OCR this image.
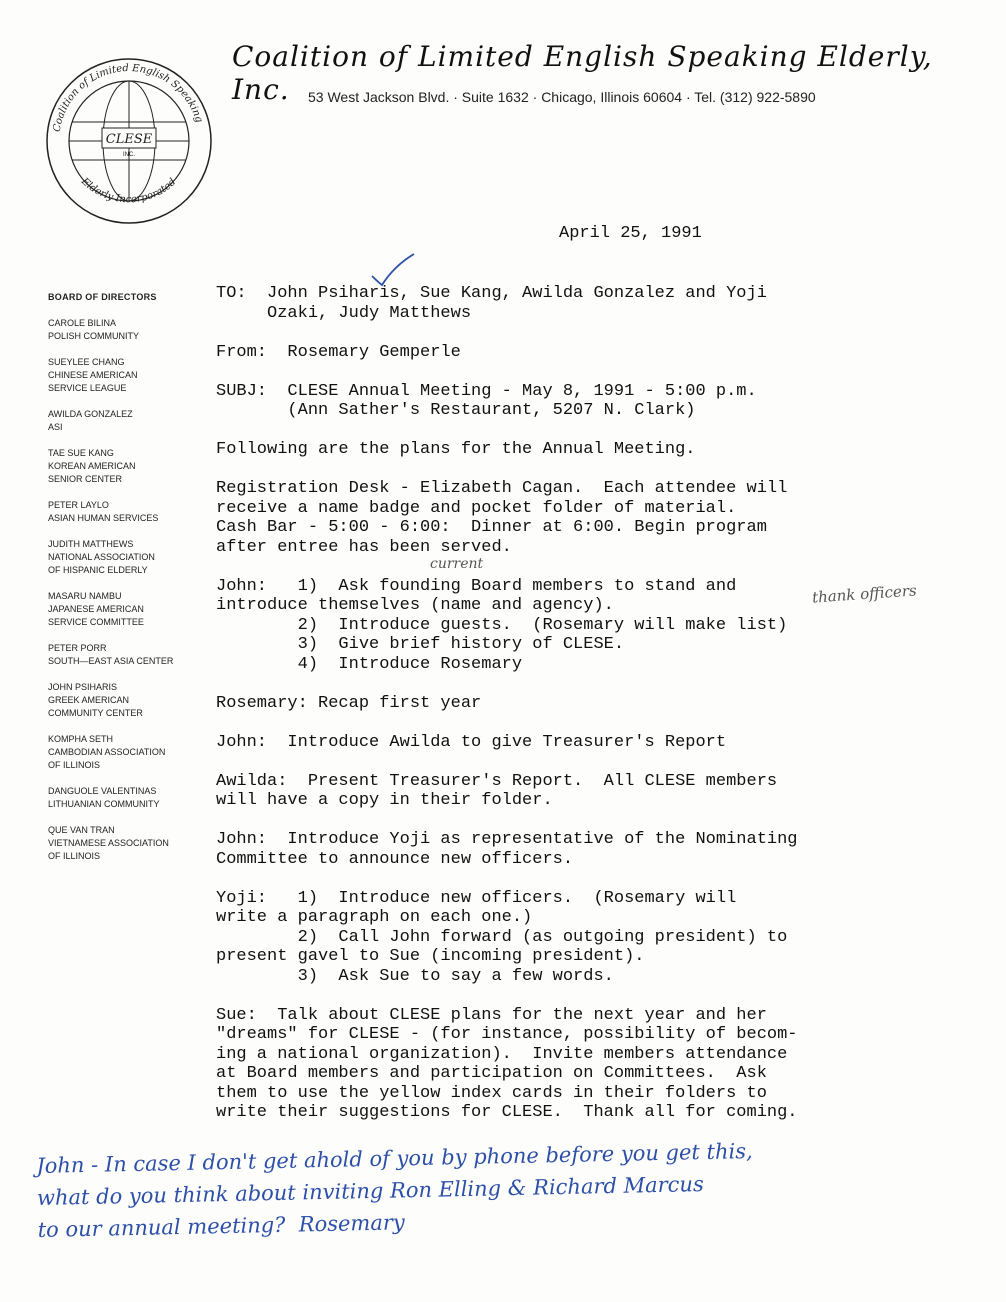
Coalition of Limited English Speaking
Elderly Incorporated
CLESE
INC.
Coalition of Limited English Speaking Elderly, Inc.	53 West Jackson Blvd. · Suite 1632 · Chicago, Illinois 60604 · Tel. (312) 922-5890
BOARD OF DIRECTORS
CAROLE BILINA
POLISH COMMUNITY
SUEYLEE CHANG
CHINESE AMERICAN
SERVICE LEAGUE
AWILDA GONZALEZ
ASI
TAE SUE KANG
KOREAN AMERICAN
SENIOR CENTER
PETER LAYLO
ASIAN HUMAN SERVICES
JUDITH MATTHEWS
NATIONAL ASSOCIATION
OF HISPANIC ELDERLY
MASARU NAMBU
JAPANESE AMERICAN
SERVICE COMMITTEE
PETER PORR
SOUTH—EAST ASIA CENTER
JOHN PSIHARIS
GREEK AMERICAN
COMMUNITY CENTER
KOMPHA SETH
CAMBODIAN ASSOCIATION
OF ILLINOIS
DANGUOLE VALENTINAS
LITHUANIAN COMMUNITY
QUE VAN TRAN
VIETNAMESE ASSOCIATION
OF ILLINOIS
April 25, 1991
TO:  John Psiharis, Sue Kang, Awilda Gonzalez and Yoji
Ozaki, Judy Matthews

From:  Rosemary Gemperle

SUBJ:  CLESE Annual Meeting - May 8, 1991 - 5:00 p.m.
(Ann Sather's Restaurant, 5207 N. Clark)

Following are the plans for the Annual Meeting.

Registration Desk - Elizabeth Cagan.  Each attendee will
receive a name badge and pocket folder of material.
Cash Bar - 5:00 - 6:00:  Dinner at 6:00. Begin program
after entree has been served.

John:   1)  Ask founding Board members to stand and
introduce themselves (name and agency).
2)  Introduce guests.  (Rosemary will make list)
3)  Give brief history of CLESE.
4)  Introduce Rosemary

Rosemary: Recap first year

John:  Introduce Awilda to give Treasurer's Report

Awilda:  Present Treasurer's Report.  All CLESE members
will have a copy in their folder.

John:  Introduce Yoji as representative of the Nominating
Committee to announce new officers.

Yoji:   1)  Introduce new officers.  (Rosemary will
write a paragraph on each one.)
2)  Call John forward (as outgoing president) to
present gavel to Sue (incoming president).
3)  Ask Sue to say a few words.

Sue:  Talk about CLESE plans for the next year and her
"dreams" for CLESE - (for instance, possibility of becom-
ing a national organization).  Invite members attendance
at Board members and participation on Committees.  Ask
them to use the yellow index cards in their folders to
write their suggestions for CLESE.  Thank all for coming.
current
thank officers
John - In case I don't get ahold of you by phone before you get this,
what do you think about inviting Ron Elling & Richard Marcus
to our annual meeting?  Rosemary
